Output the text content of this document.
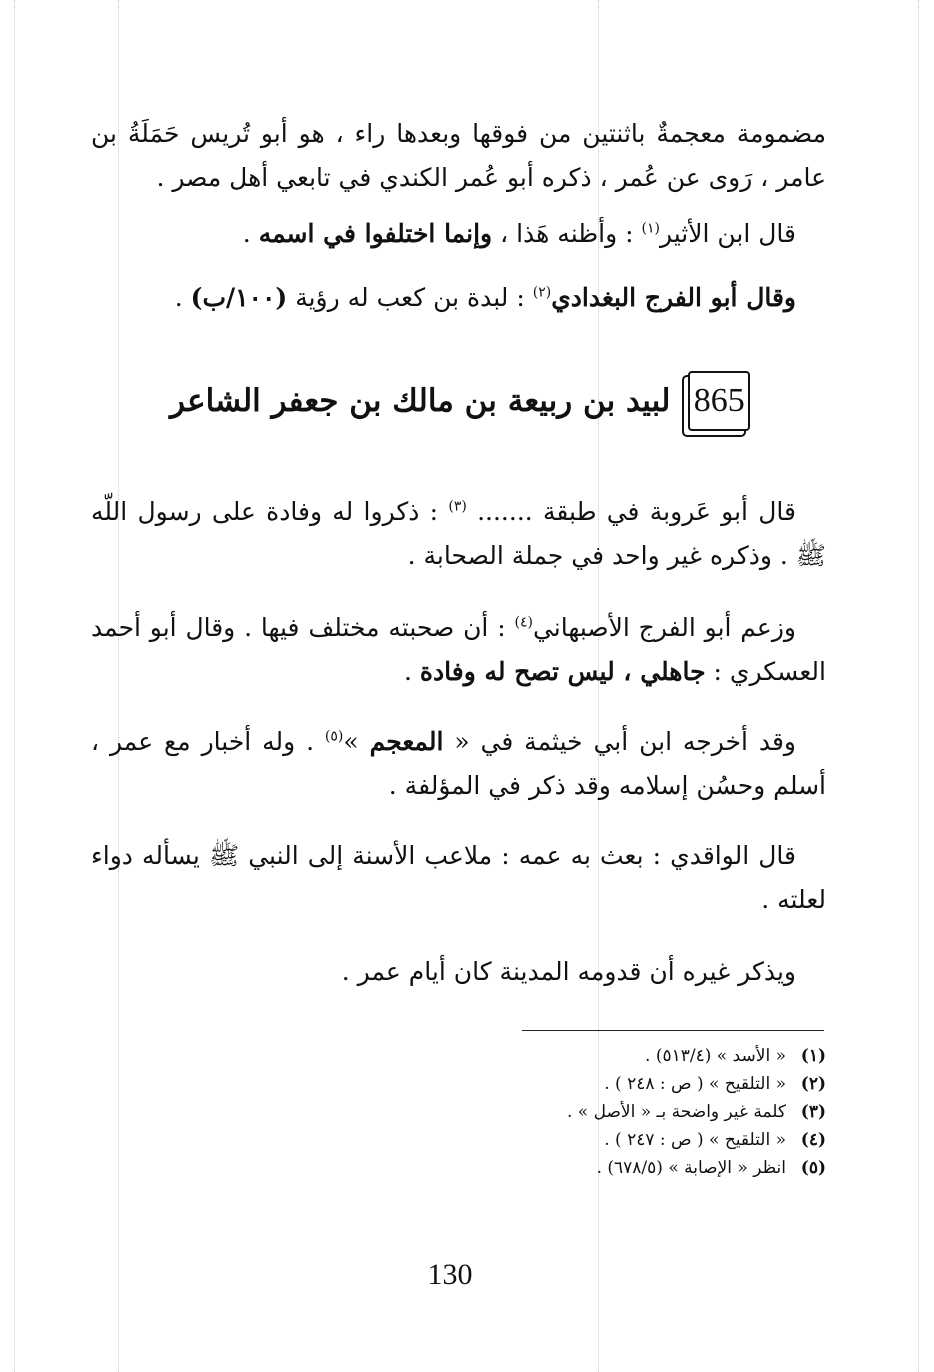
مضمومة معجمةٌ باثنتين من فوقها وبعدها راء ، هو أبو تُريس حَمَلَةُ بن عامر ، رَوى عن عُمر ، ذكره أبو عُمر الكندي في تابعي أهل مصر .
قال ابن الأثير$^{(١)}$ : وأظنه هَذا ، وإنما اختلفوا في اسمه .
وقال أبو الفرج البغدادي$^{(٢)}$ : لبدة بن كعب له رؤية (١٠٠/ب) .
865
لبيد بن ربيعة بن مالك بن جعفر الشاعر
قال أبو عَروبة في طبقة ....... $^{(٣)}$ : ذكروا له وفادة على رسول اللّه ﷺ . وذكره غير واحد في جملة الصحابة .
وزعم أبو الفرج الأصبهاني$^{(٤)}$ : أن صحبته مختلف فيها . وقال أبو أحمد العسكري : جاهلي ، ليس تصح له وفادة .
وقد أخرجه ابن أبي خيثمة في « المعجم »$^{(٥)}$ . وله أخبار مع عمر ، أسلم وحسُن إسلامه وقد ذكر في المؤلفة .
قال الواقدي : بعث به عمه : ملاعب الأسنة إلى النبي ﷺ يسأله دواء لعلته .
ويذكر غيره أن قدومه المدينة كان أيام عمر .
(١)« الأسد » (٥١٣/٤) .
(٢)« التلقيح » ( ص : ٢٤٨ ) .
(٣)كلمة غير واضحة بـ « الأصل » .
(٤)« التلقيح » ( ص : ٢٤٧ ) .
(٥)انظر « الإصابة » (٦٧٨/٥) .
130
